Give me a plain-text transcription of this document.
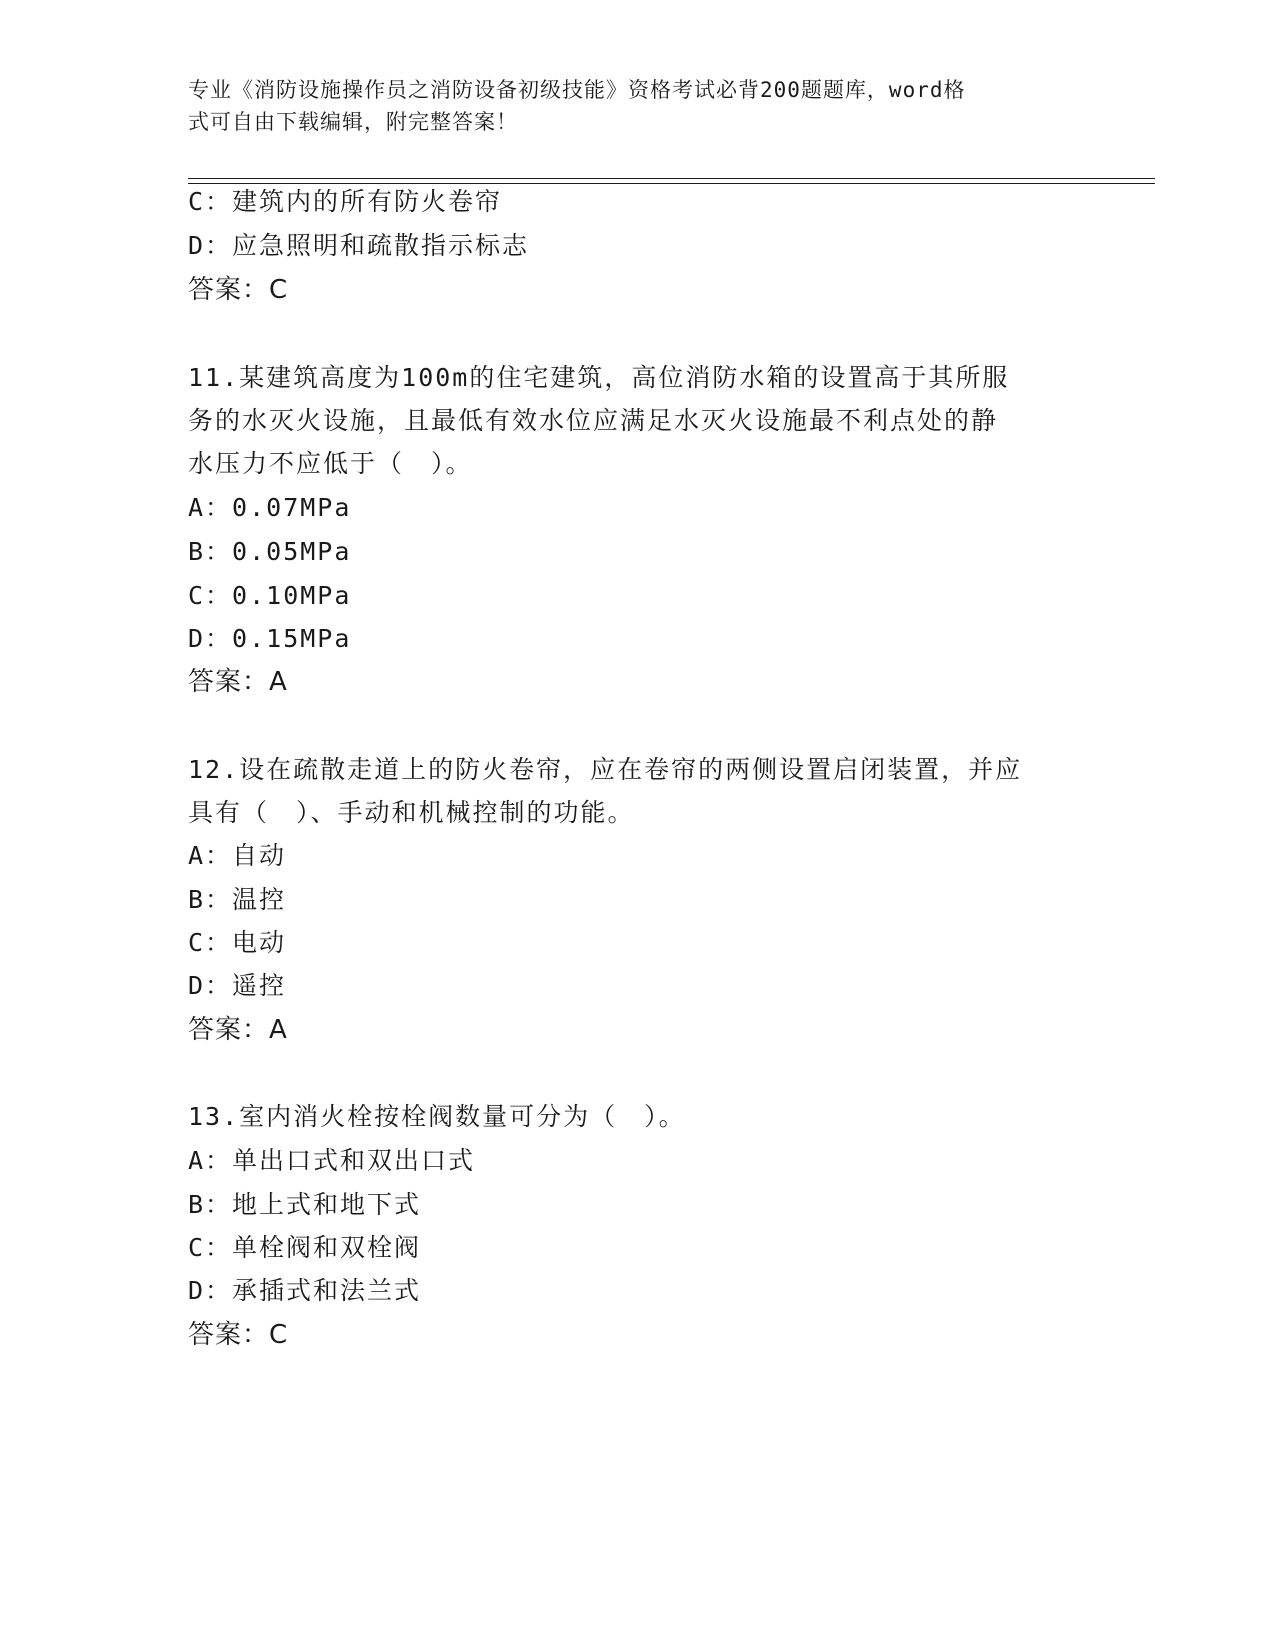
专业《消防设施操作员之消防设备初级技能》资格考试必背200题题库，word格
式可自由下载编辑，附完整答案！
C：建筑内的所有防火卷帘
D：应急照明和疏散指示标志
答案：C
11.某建筑高度为100m的住宅建筑，高位消防水箱的设置高于其所服
务的水灭火设施，且最低有效水位应满足水灭火设施最不利点处的静
水压力不应低于（　）。
A：0.07MPa
B：0.05MPa
C：0.10MPa
D：0.15MPa
答案：A
12.设在疏散走道上的防火卷帘，应在卷帘的两侧设置启闭装置，并应
具有（　）、手动和机械控制的功能。
A：自动
B：温控
C：电动
D：遥控
答案：A
13.室内消火栓按栓阀数量可分为（　）。
A：单出口式和双出口式
B：地上式和地下式
C：单栓阀和双栓阀
D：承插式和法兰式
答案：C
